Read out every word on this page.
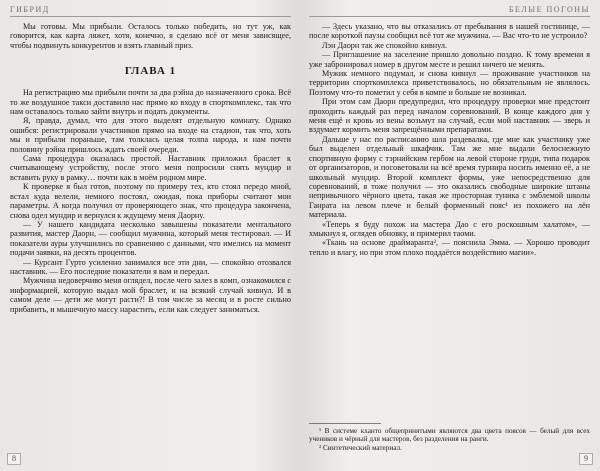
ГИБРИД	БЕЛЫЕ ПОГОНЫ

Мы готовы. Мы прибыли. Осталось только победить, но тут уж, как говорится, как карта ляжет, хотя, конечно, я сделаю всё от меня зависящее, чтобы подвинуть конкурентов и взять главный приз.

ГЛАВА 1

На регистрацию мы прибыли почти за два рэйна до назначенного срока. Всё то же воздушное такси доставило нас прямо ко входу в спорткомплекс, так что нам оставалось только зайти внутрь и подать документы.

Я, правда, думал, что для этого выделят отдельную комнату. Однако ошибся: регистрировали участников прямо на входе на стадион, так что, хоть мы и прибыли пораньше, там толклась целая толпа народа, и нам почти половину рэйна пришлось ждать своей очереди.

Сама процедура оказалась простой. Наставник приложил браслет к считывающему устройству, после этого меня попросили снять мундир и вставить руку в рамку… почти как в моём родном мире.

К проверке я был готов, поэтому по примеру тех, кто стоял передо мной, встал куда велели, немного постоял, ожидая, пока приборы считают мои параметры. А когда получил от проверяющего знак, что процедура закончена, снова одел мундир и вернулся к ждущему меня Даорну.

— У нашего кандидата несколько завышены показатели ментального развития, мастер Даорн, — сообщил мужчина, который меня тестировал. — И показатели ауры улучшились по сравнению с данными, что имелись на момент подачи заявки, на десять процентов.

— Курсант Гурто усиленно занимался все эти дни, — спокойно отозвался наставник. — Его последние показатели я вам и передал.

Мужчина недоверчиво меня оглядел, после чего залез в комп, ознакомился с информацией, которую выдал мой браслет, и на всякий случай кивнул. И в самом деле — дети же могут расти?! В том числе за месяц и в росте сильно прибавить, и мышечную массу нарастить, если как следует заниматься.

— Здесь указано, что вы отказались от пребывания в нашей гостинице, — после короткой паузы сообщил всё тот же мужчина. — Вас что-то не устроило?

Лэн Даорн так же спокойно кивнул.

— Приглашение на заселение пришло довольно поздно. К тому времени я уже забронировал номер в другом месте и решил ничего не менять.

Мужик немного подумал, и снова кивнул — проживание участников на территории спорткомплекса приветствовалось, но обязательным не являлось. Поэтому что-то пометил у себя в компе и больше не возникал.

При этом сам Даорн предупредил, что процедуру проверки мне предстоит проходить каждый раз перед началом соревнований. В конце каждого дня у меня ещё и кровь из вены возьмут на случай, если мой наставник — зверь и вздумает кормить меня запрещёнными препаратами.

Дальше у нас по расписанию шла раздевалка, где мне как участнику уже был выделен отдельный шкафчик. Там же мне выдали белоснежную спортивную форму с тэрнийским гербом на левой стороне груди, типа подарок от организаторов, и посоветовали на всё время турнира носить именно её, а не школьный мундир. Второй комплект формы, уже непосредственно для соревнований, я тоже получил — это оказались свободные широкие штаны непривычного чёрного цвета, такая же просторная туника с эмблемой школы Ганрата на левом плече и белый форменный пояс¹ из похожего на лён материала.

«Теперь я буду похож на мастера Дао с его роскошным халатом», — хмыкнул я, оглядев обновку, и примерил таоми.

«Ткань на основе драймаранта², — пояснила Эмма. — Хорошо проводит тепло и влагу, но при этом плохо поддаётся воздействию магии».

¹ В системе кханто общепринятыми являются два цвета поясов — белый для всех учеников и чёрный для мастеров, без разделения на ранги.

² Синтетический материал.

8	9
